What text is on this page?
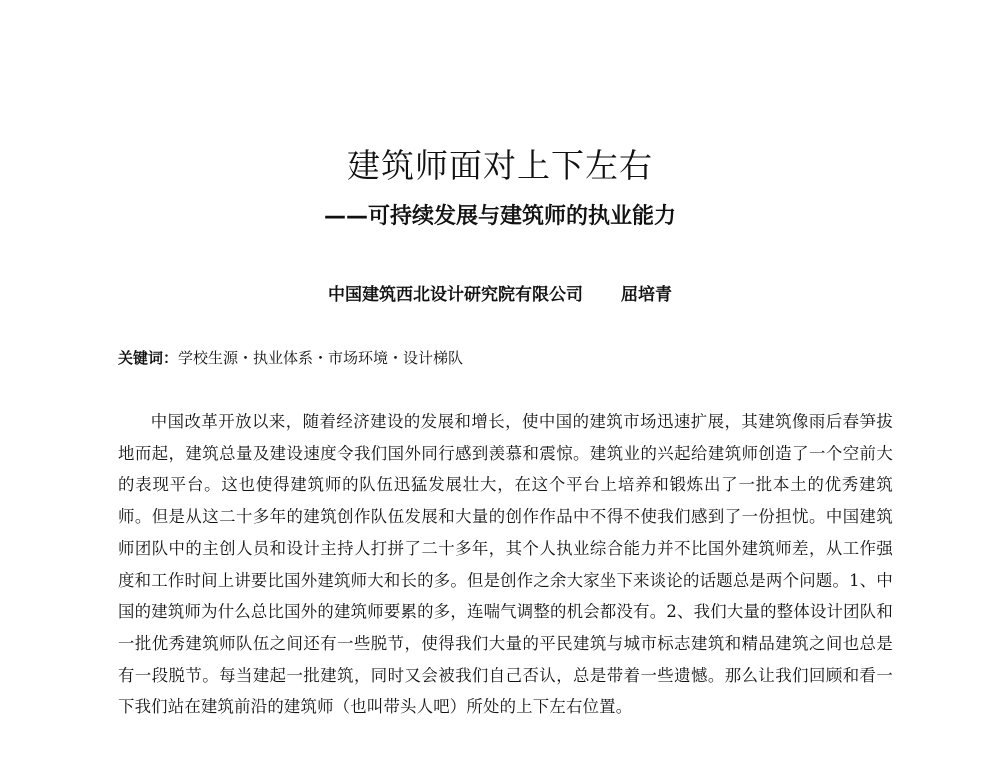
建筑师面对上下左右
——可持续发展与建筑师的执业能力
中国建筑西北设计研究院有限公司 屈培青
关键词：学校生源・执业体系・市场环境・设计梯队

中国改革开放以来，随着经济建设的发展和增长，使中国的建筑市场迅速扩展，其建筑像雨后春笋拔地而起，建筑总量及建设速度令我们国外同行感到羡慕和震惊。建筑业的兴起给建筑师创造了一个空前大的表现平台。这也使得建筑师的队伍迅猛发展壮大，在这个平台上培养和锻炼出了一批本土的优秀建筑师。但是从这二十多年的建筑创作队伍发展和大量的创作作品中不得不使我们感到了一份担忧。中国建筑师团队中的主创人员和设计主持人打拼了二十多年，其个人执业综合能力并不比国外建筑师差，从工作强度和工作时间上讲要比国外建筑师大和长的多。但是创作之余大家坐下来谈论的话题总是两个问题。1、中国的建筑师为什么总比国外的建筑师要累的多，连喘气调整的机会都没有。2、我们大量的整体设计团队和一批优秀建筑师队伍之间还有一些脱节，使得我们大量的平民建筑与城市标志建筑和精品建筑之间也总是有一段脱节。每当建起一批建筑，同时又会被我们自己否认，总是带着一些遗憾。那么让我们回顾和看一下我们站在建筑前沿的建筑师（也叫带头人吧）所处的上下左右位置。
